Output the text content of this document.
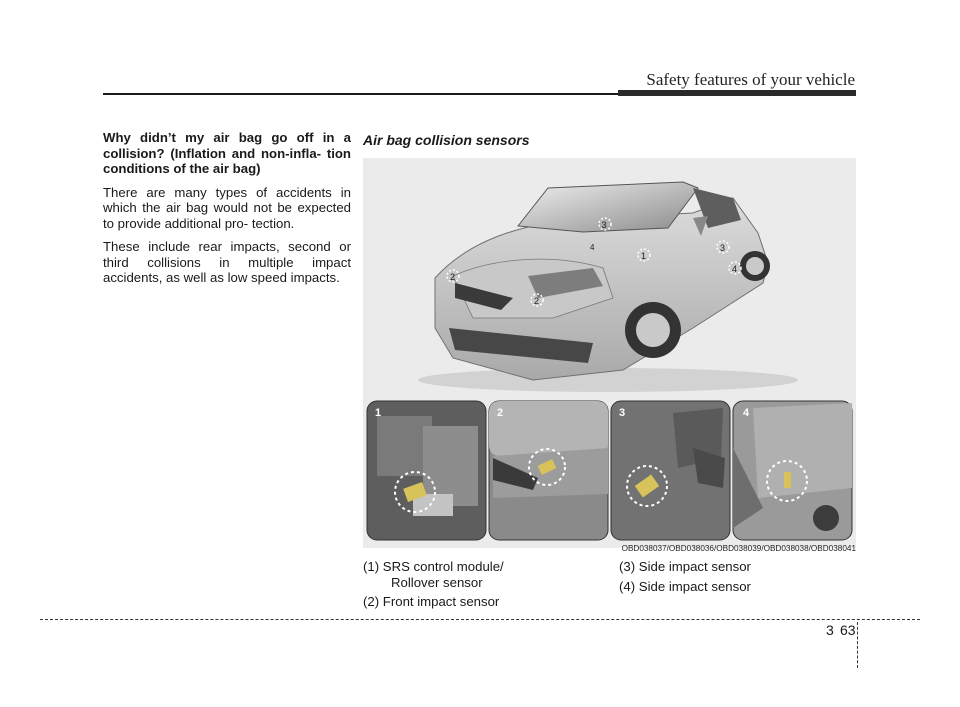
Safety features of your vehicle

Why didn’t my air bag go off in a collision? (Inflation and non-infla- tion conditions of the air bag)

There are many types of accidents in which the air bag would not be expected to provide additional pro- tection.

These include rear impacts, second or third collisions in multiple impact accidents, as well as low speed impacts.

Air bag collision sensors
3
4
1
2
2
3
4
1	2	3	4
OBD038037/OBD038036/OBD038039/OBD038038/OBD038041
(1) SRS control module/
Rollover sensor
(2) Front impact sensor
(3) Side impact sensor
(4) Side impact sensor
3 63
